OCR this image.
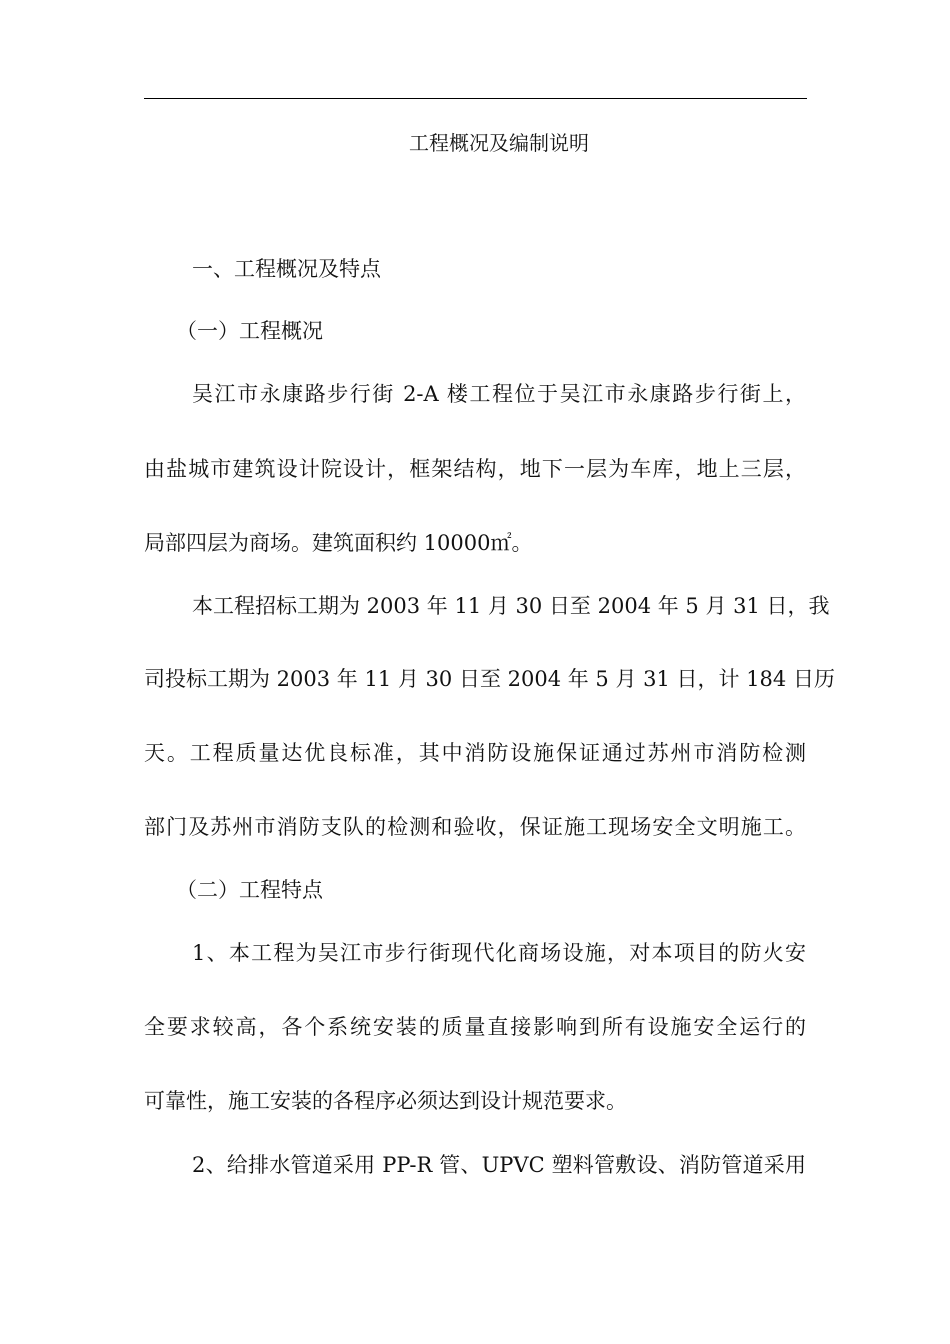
工程概况及编制说明

一、工程概况及特点

（一）工程概况

吴江市永康路步行街 2-A 楼工程位于吴江市永康路步行街上，

由盐城市建筑设计院设计，框架结构，地下一层为车库，地上三层，

局部四层为商场。建筑面积约 10000㎡。

本工程招标工期为 2003 年 11 月 30 日至 2004 年 5 月 31 日，我

司投标工期为 2003 年 11 月 30 日至 2004 年 5 月 31 日，计 184 日历

天。工程质量达优良标准，其中消防设施保证通过苏州市消防检测

部门及苏州市消防支队的检测和验收，保证施工现场安全文明施工。

（二）工程特点

1、本工程为吴江市步行街现代化商场设施，对本项目的防火安

全要求较高，各个系统安装的质量直接影响到所有设施安全运行的

可靠性，施工安装的各程序必须达到设计规范要求。

2、给排水管道采用 PP-R 管、UPVC 塑料管敷设、消防管道采用
